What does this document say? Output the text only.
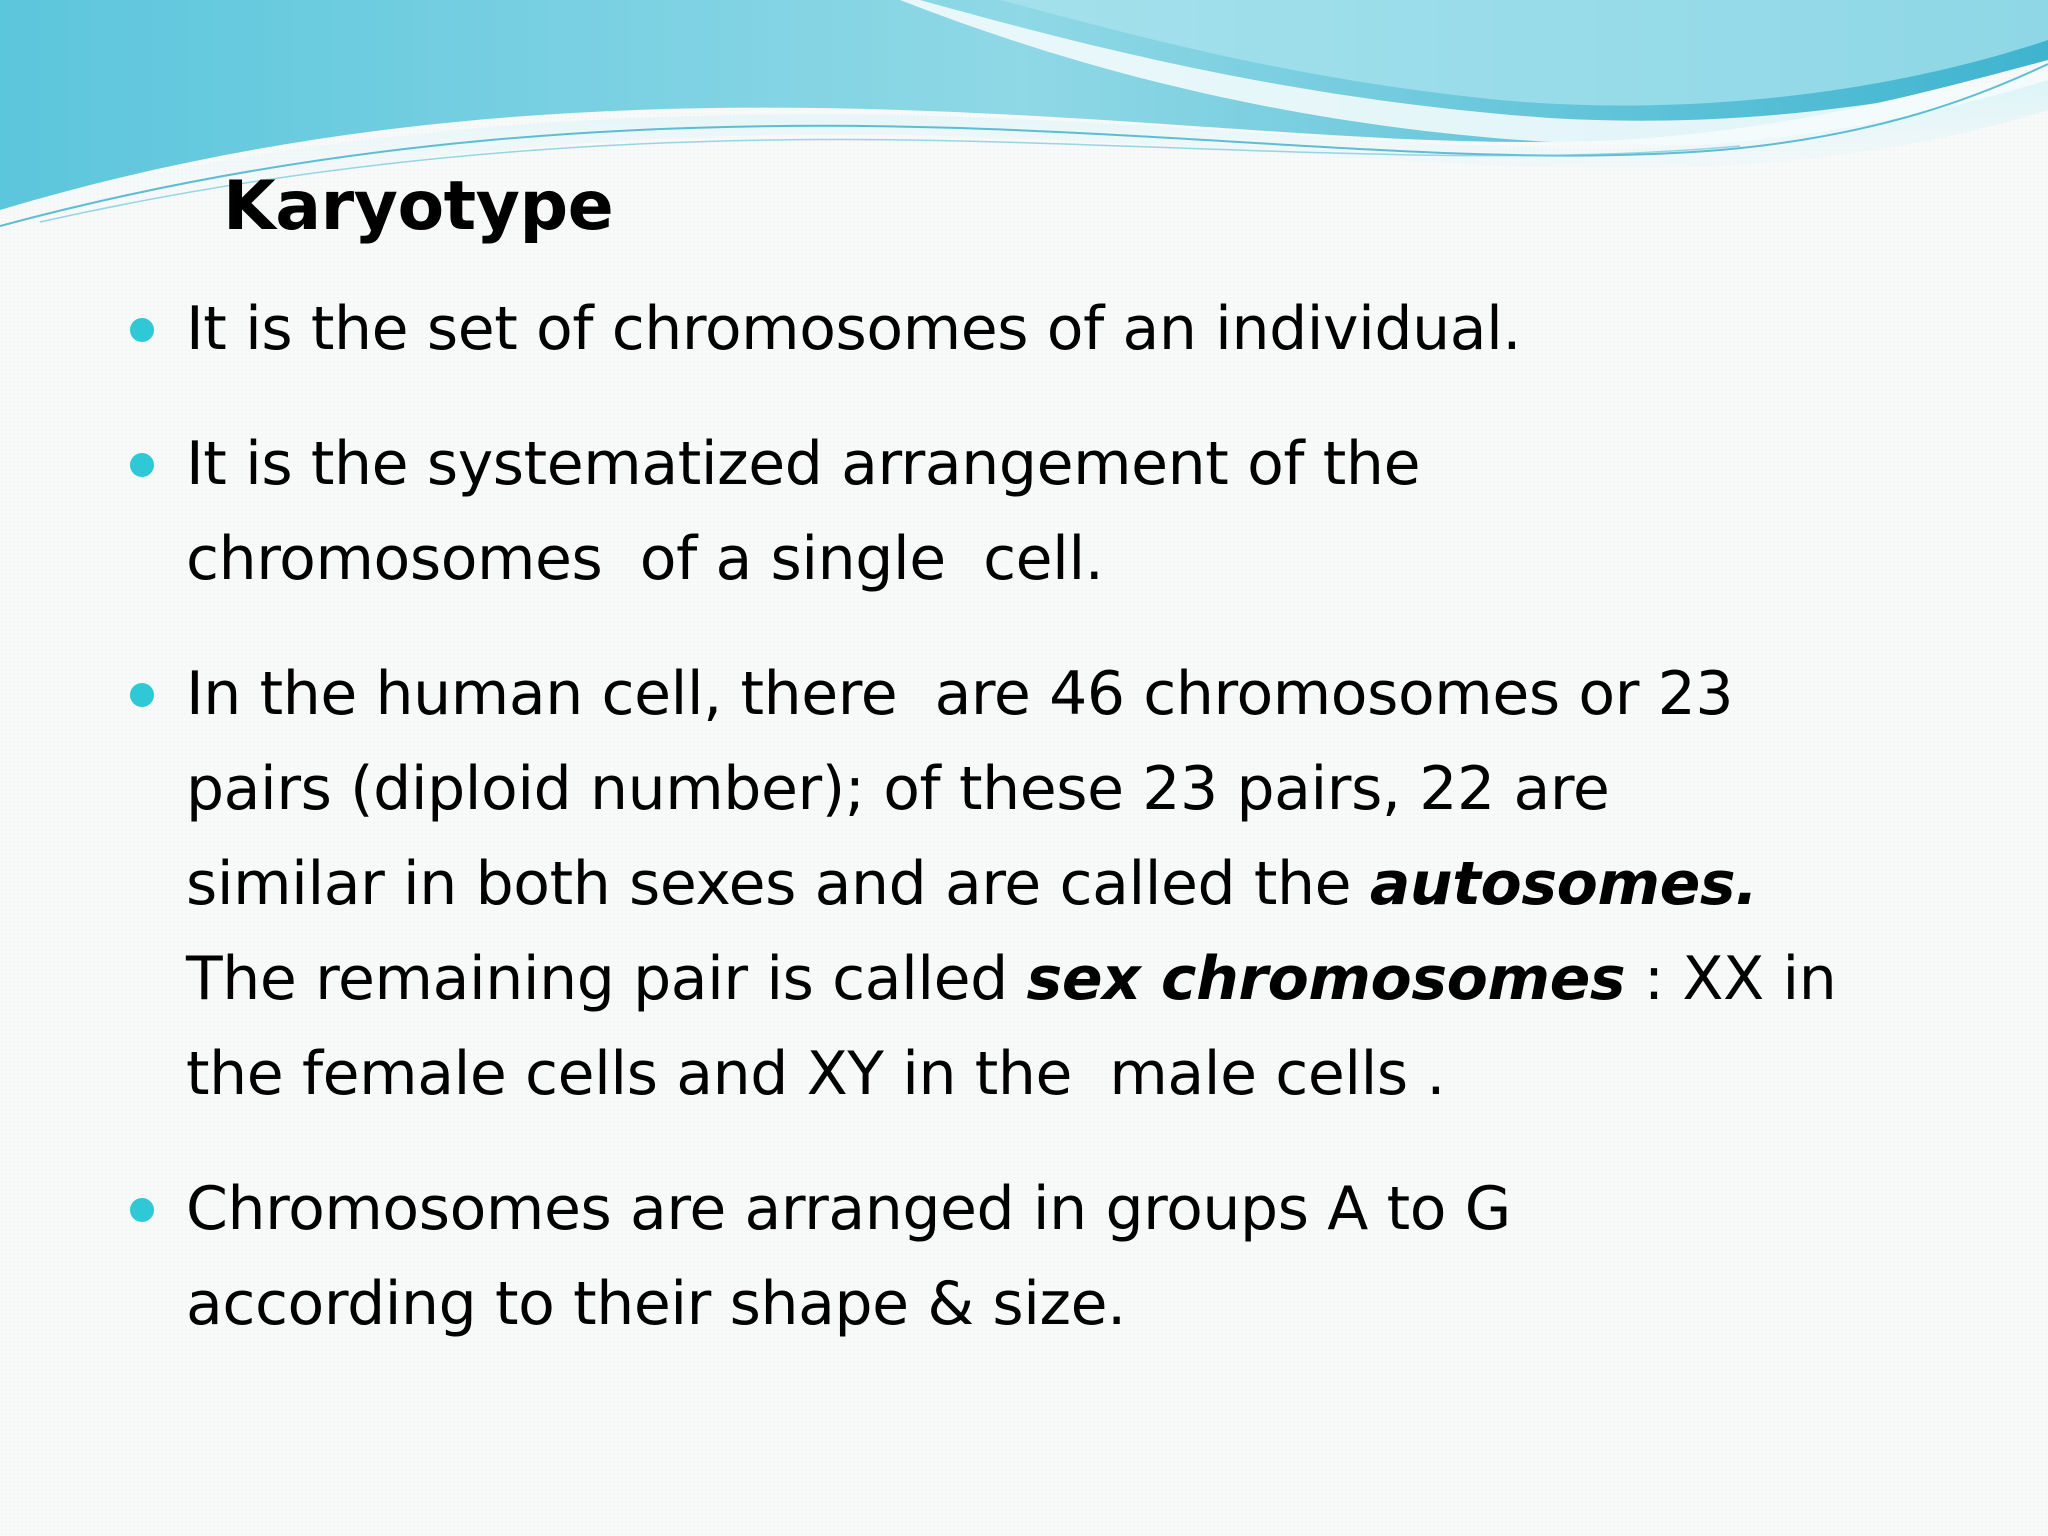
Karyotype
It is the set of chromosomes of an individual.
It is the systematized arrangement of the
chromosomes  of a single  cell.
In the human cell, there  are 46 chromosomes or 23
pairs (diploid number); of these 23 pairs, 22 are
similar in both sexes and are called the autosomes.
The remaining pair is called sex chromosomes : XX in
the female cells and XY in the  male cells .
Chromosomes are arranged in groups A to G
according to their shape & size.
